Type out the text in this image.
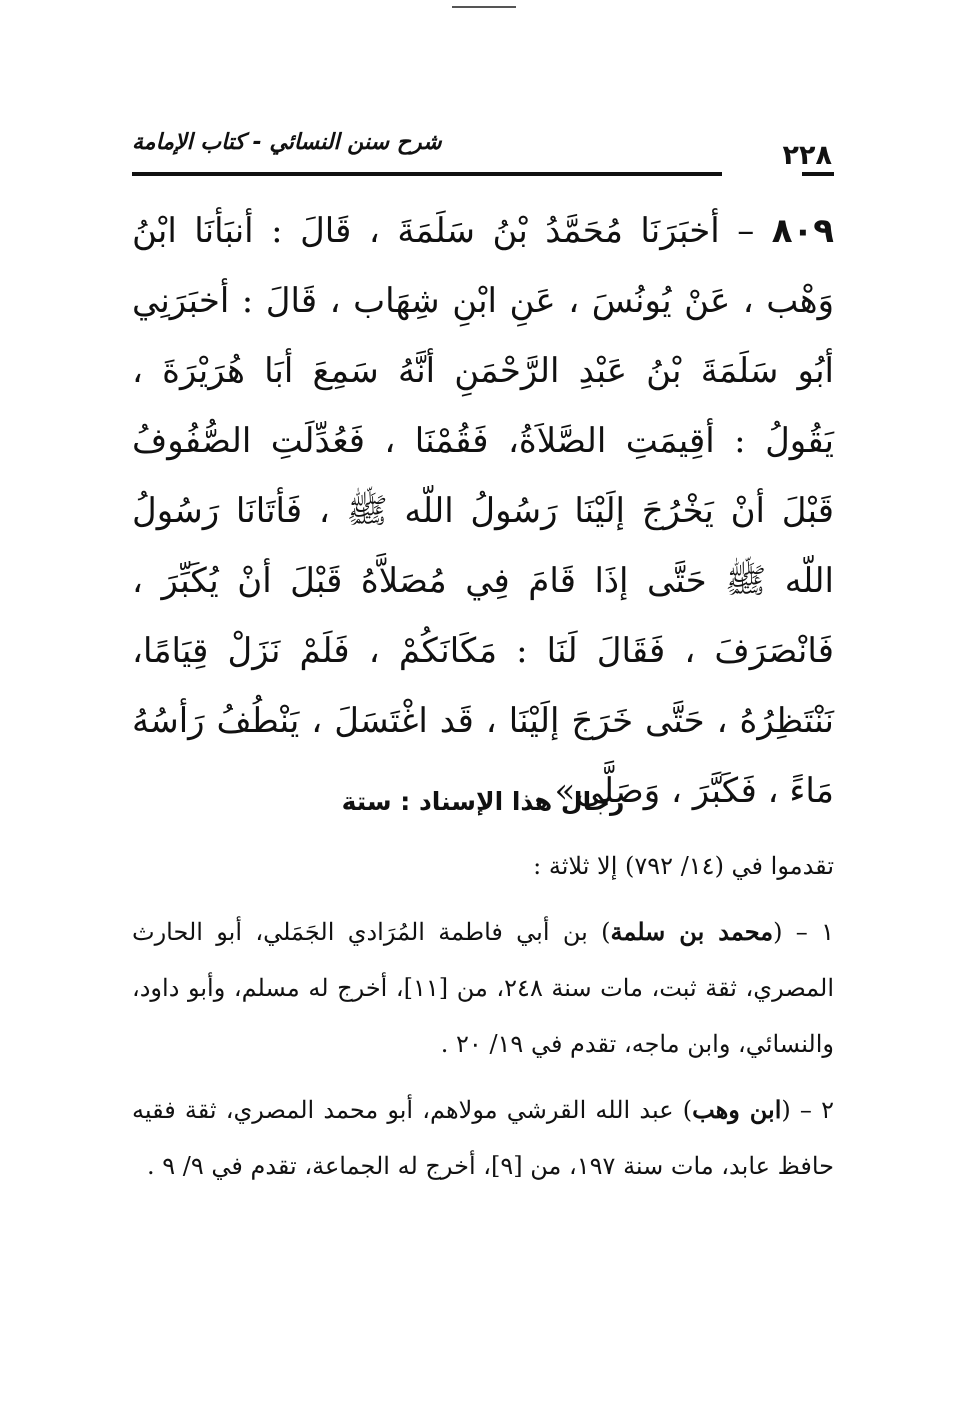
٢٢٨
شرح سنن النسائي - كتاب الإمامة
٨٠٩ – أخبَرَنَا مُحَمَّدُ بْنُ سَلَمَةَ ، قَالَ : أنبَأنَا ابْنُ وَهْب ، عَنْ يُونُسَ ، عَنِ ابْنِ شِهَاب ، قَالَ : أخبَرَنِي أبُو سَلَمَةَ بْنُ عَبْدِ الرَّحْمَنِ أنَّهُ سَمِعَ أبَا هُرَيْرَةَ ، يَقُولُ : أقِيمَتِ الصَّلاَةُ، فَقُمْنَا ، فَعُدِّلَتِ الصُّفُوفُ قَبْلَ أنْ يَخْرُجَ إلَيْنَا رَسُولُ اللّه ﷺ ، فَأتَانَا رَسُولُ اللّه ﷺ حَتَّى إذَا قَامَ فِي مُصَلاَّهُ قَبْلَ أنْ يُكَبِّرَ ، فَانْصَرَفَ ، فَقَالَ لَنَا : مَكَانَكُمْ ، فَلَمْ نَزَلْ قِيَامًا، نَنْتَظِرُهُ ، حَتَّى خَرَجَ إلَيْنَا ، قَد اغْتَسَلَ ، يَنْطُفُ رَأسُهُ مَاءً ، فَكَبَّرَ ، وَصَلَّى» .
رجال هذا الإسناد : ستة
تقدموا في (١٤/ ٧٩٢) إلا ثلاثة :
١ – (محمد بن سلمة) بن أبي فاطمة المُرَادي الجَمَلي، أبو الحارث المصري، ثقة ثبت، مات سنة ٢٤٨، من [١١]، أخرج له مسلم، وأبو داود، والنسائي، وابن ماجه، تقدم في ١٩/ ٢٠ .
٢ – (ابن وهب) عبد الله القرشي مولاهم، أبو محمد المصري، ثقة فقيه حافظ عابد، مات سنة ١٩٧، من [٩]، أخرج له الجماعة، تقدم في ٩/ ٩ .
